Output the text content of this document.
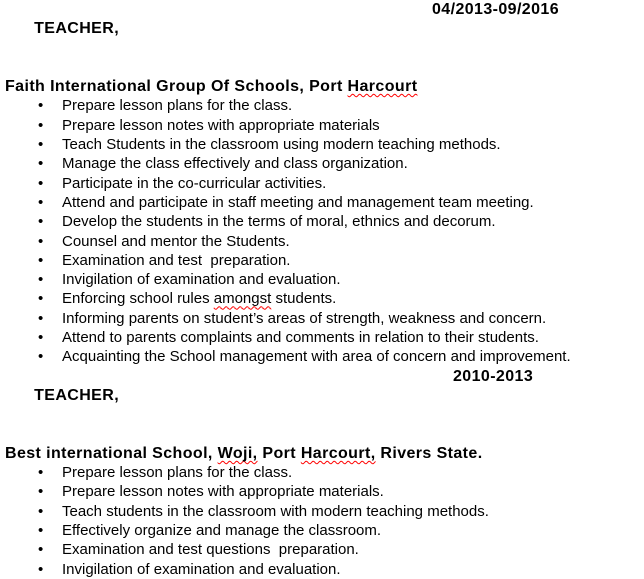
TEACHER,

04/2013-09/2016

Faith International Group Of Schools, Port Harcourt
• Prepare lesson plans for the class.
• Prepare lesson notes with appropriate materials
• Teach Students in the classroom using modern teaching methods.
• Manage the class effectively and class organization.
• Participate in the co-curricular activities.
• Attend and participate in staff meeting and management team meeting.
• Develop the students in the terms of moral, ethnics and decorum.
• Counsel and mentor the Students.
• Examination and test  preparation.
• Invigilation of examination and evaluation.
• Enforcing school rules amongst students.
• Informing parents on student’s areas of strength, weakness and concern.
• Attend to parents complaints and comments in relation to their students.
• Acquainting the School management with area of concern and improvement.

TEACHER,

2010-2013

Best international School, Woji, Port Harcourt, Rivers State.
• Prepare lesson plans for the class.
• Prepare lesson notes with appropriate materials.
• Teach students in the classroom with modern teaching methods.
• Effectively organize and manage the classroom.
• Examination and test questions  preparation.
• Invigilation of examination and evaluation.
